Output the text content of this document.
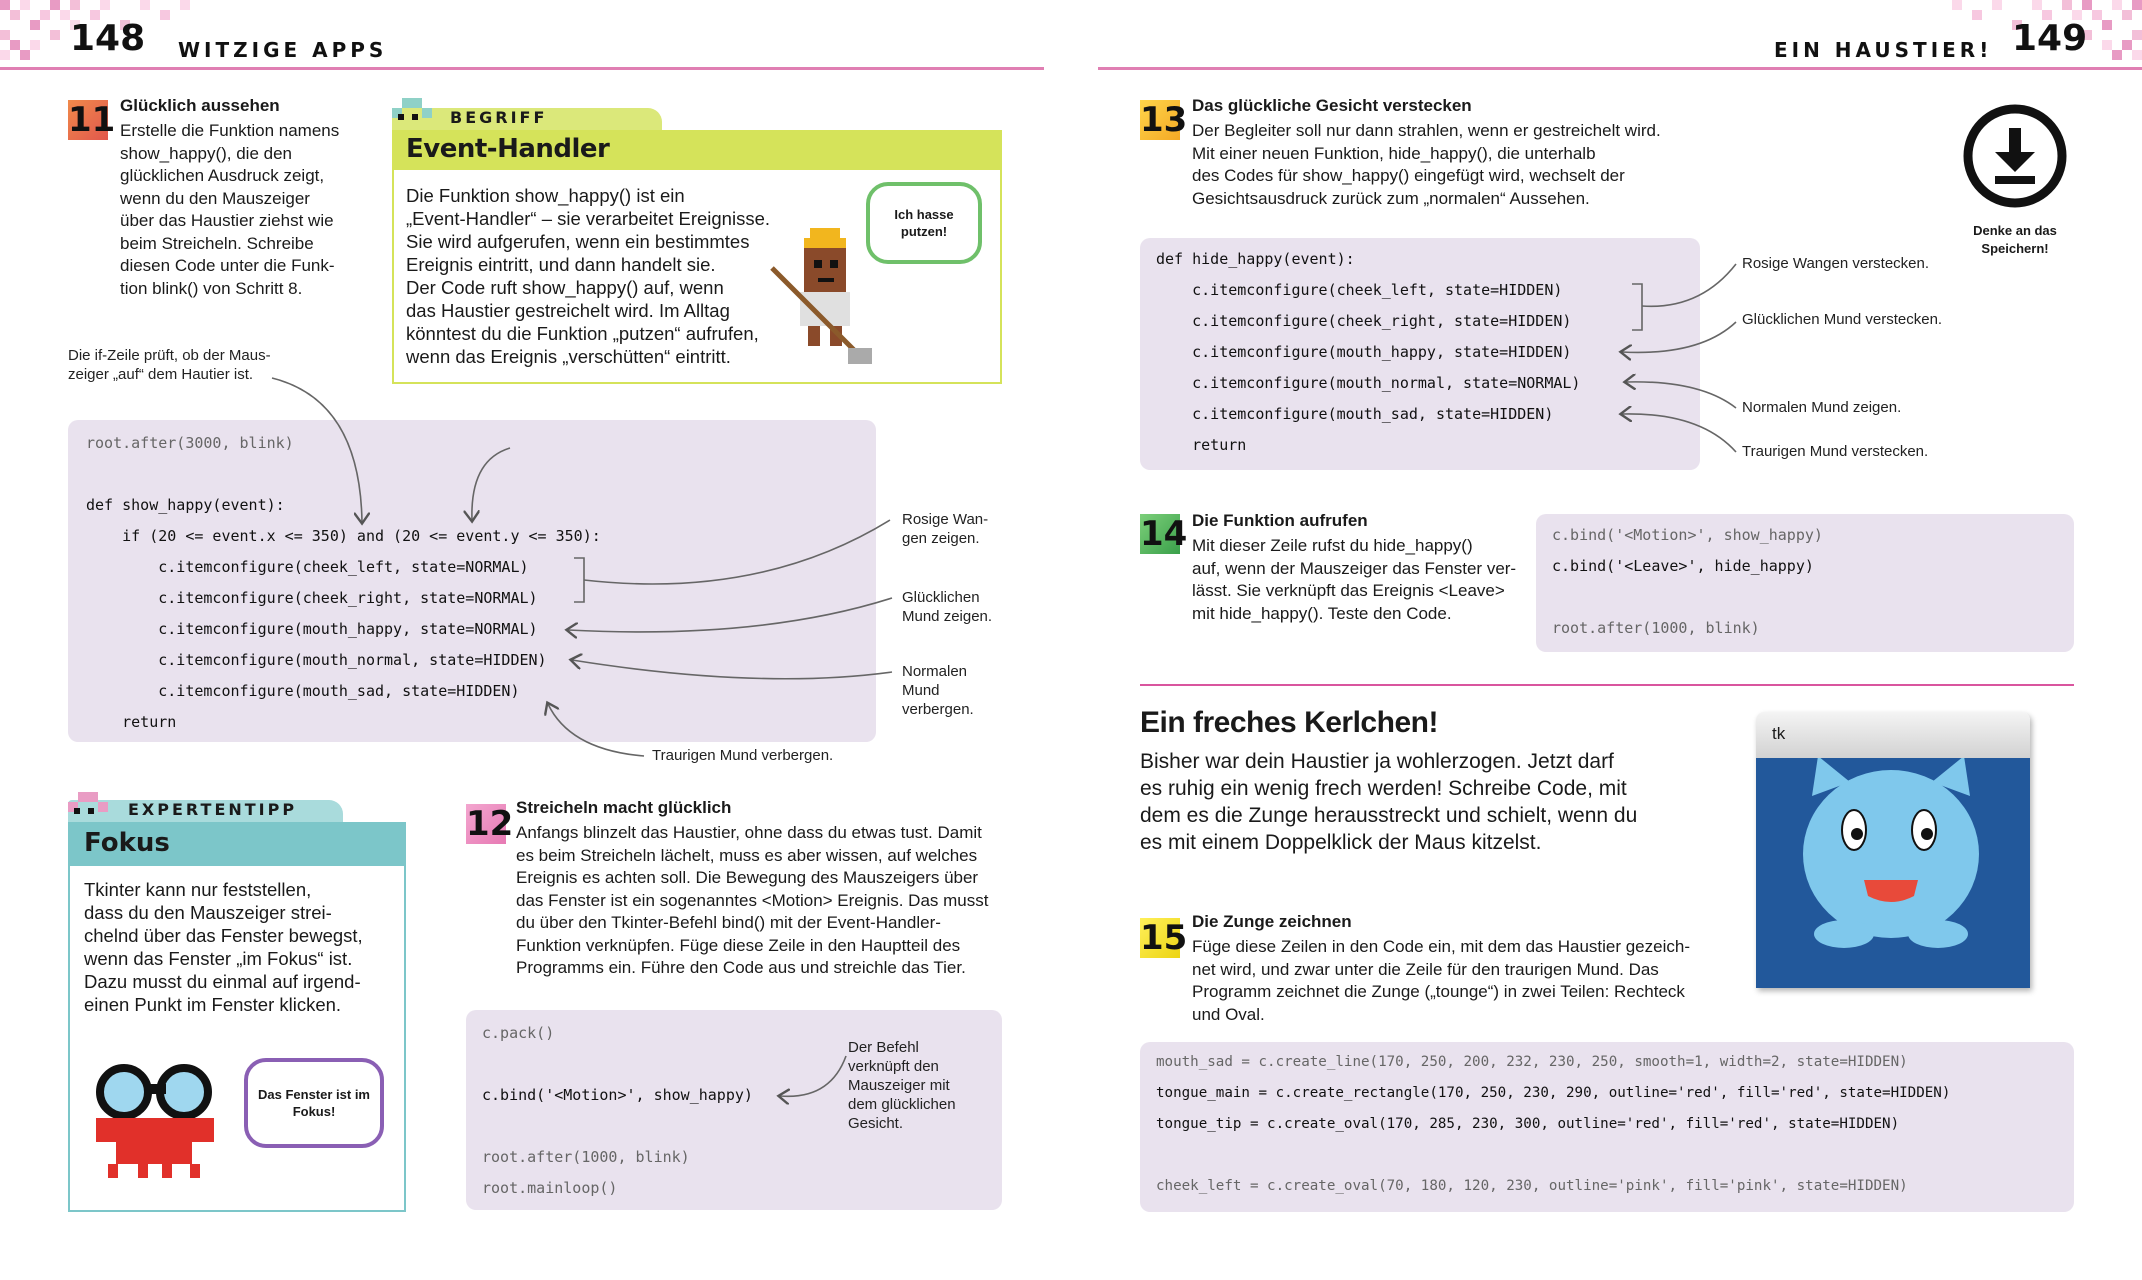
148 WITZIGE APPS	EIN HAUSTIER! 149
11 Glücklich aussehen
Erstelle die Funktion namens
show_happy(), die den
glücklichen Ausdruck zeigt,
wenn du den Mauszeiger
über das Haustier ziehst wie
beim Streicheln. Schreibe
diesen Code unter die Funk-
tion blink() von Schritt 8.
BEGRIFF
Event-Handler
Die Funktion show_happy() ist ein
„Event-Handler“ – sie verarbeitet Ereignisse.
Sie wird aufgerufen, wenn ein bestimmtes
Ereignis eintritt, und dann handelt sie.
Der Code ruft show_happy() auf, wenn
das Haustier gestreichelt wird. Im Alltag
könntest du die Funktion „putzen“ aufrufen,
wenn das Ereignis „verschütten“ eintritt.
Ich hasse putzen!
Die if-Zeile prüft, ob der Maus-
zeiger „auf“ dem Hautier ist.
root.after(3000, blink)
def show_happy(event):
if (20 <= event.x <= 350) and (20 <= event.y <= 350):
c.itemconfigure(cheek_left, state=NORMAL)
c.itemconfigure(cheek_right, state=NORMAL)
c.itemconfigure(mouth_happy, state=NORMAL)
c.itemconfigure(mouth_normal, state=HIDDEN)
c.itemconfigure(mouth_sad, state=HIDDEN)
return
Rosige Wan-
gen zeigen.
Glücklichen
Mund zeigen.
Normalen
Mund
verbergen.
Traurigen Mund verbergen.
EXPERTENTIPP
Fokus
Tkinter kann nur feststellen,
dass du den Mauszeiger strei-
chelnd über das Fenster bewegst,
wenn das Fenster „im Fokus“ ist.
Dazu musst du einmal auf irgend-
einen Punkt im Fenster klicken.
Das Fenster ist im Fokus!
12 Streicheln macht glücklich
Anfangs blinzelt das Haustier, ohne dass du etwas tust. Damit
es beim Streicheln lächelt, muss es aber wissen, auf welches
Ereignis es achten soll. Die Bewegung des Mauszeigers über
das Fenster ist ein sogenanntes <Motion> Ereignis. Das musst
du über den Tkinter-Befehl bind() mit der Event-Handler-
Funktion verknüpfen. Füge diese Zeile in den Hauptteil des
Programms ein. Führe den Code aus und streichle das Tier.
c.pack()
c.bind('<Motion>', show_happy)
root.after(1000, blink)
root.mainloop()
Der Befehl
verknüpft den
Mauszeiger mit
dem glücklichen
Gesicht.
13 Das glückliche Gesicht verstecken
Der Begleiter soll nur dann strahlen, wenn er gestreichelt wird.
Mit einer neuen Funktion, hide_happy(), die unterhalb
des Codes für show_happy() eingefügt wird, wechselt der
Gesichtsausdruck zurück zum „normalen“ Aussehen.
def hide_happy(event):
c.itemconfigure(cheek_left, state=HIDDEN)
c.itemconfigure(cheek_right, state=HIDDEN)
c.itemconfigure(mouth_happy, state=HIDDEN)
c.itemconfigure(mouth_normal, state=NORMAL)
c.itemconfigure(mouth_sad, state=HIDDEN)
return
Rosige Wangen verstecken.
Glücklichen Mund verstecken.
Normalen Mund zeigen.
Traurigen Mund verstecken.
Denke an das Speichern!
14 Die Funktion aufrufen
Mit dieser Zeile rufst du hide_happy()
auf, wenn der Mauszeiger das Fenster ver-
lässt. Sie verknüpft das Ereignis <Leave>
mit hide_happy(). Teste den Code.
c.bind('<Motion>', show_happy)
c.bind('<Leave>', hide_happy)
root.after(1000, blink)
Ein freches Kerlchen!
Bisher war dein Haustier ja wohlerzogen. Jetzt darf
es ruhig ein wenig frech werden! Schreibe Code, mit
dem es die Zunge herausstreckt und schielt, wenn du
es mit einem Doppelklick der Maus kitzelst.
tk
15 Die Zunge zeichnen
Füge diese Zeilen in den Code ein, mit dem das Haustier gezeich-
net wird, und zwar unter die Zeile für den traurigen Mund. Das
Programm zeichnet die Zunge („tounge“) in zwei Teilen: Rechteck
und Oval.
mouth_sad = c.create_line(170, 250, 200, 232, 230, 250, smooth=1, width=2, state=HIDDEN)
tongue_main = c.create_rectangle(170, 250, 230, 290, outline='red', fill='red', state=HIDDEN)
tongue_tip = c.create_oval(170, 285, 230, 300, outline='red', fill='red', state=HIDDEN)
cheek_left = c.create_oval(70, 180, 120, 230, outline='pink', fill='pink', state=HIDDEN)
